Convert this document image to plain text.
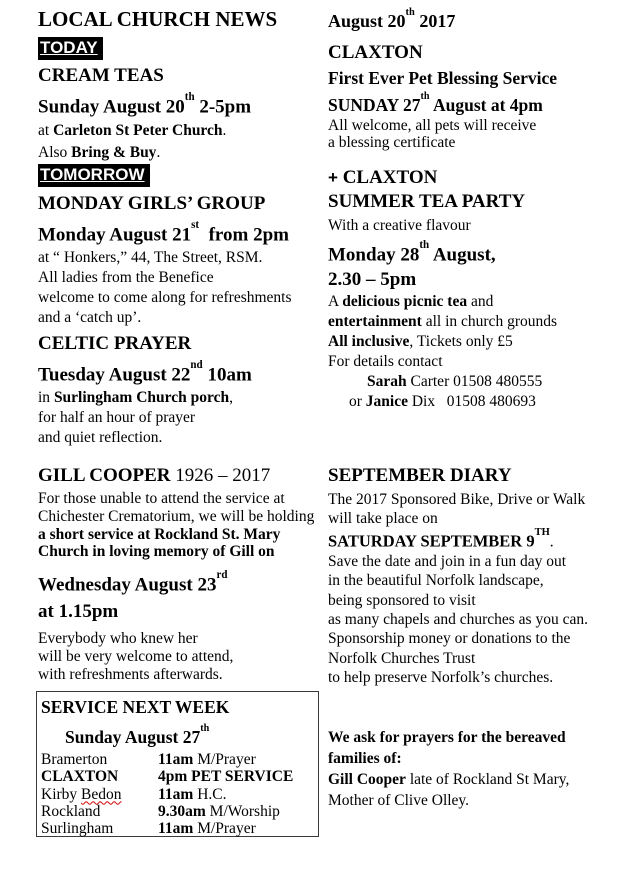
LOCAL CHURCH NEWS
TODAY
CREAM TEAS
Sunday August 20th 2-5pm
at Carleton St Peter Church.
Also Bring & Buy.
TOMORROW
MONDAY GIRLS’ GROUP
Monday August 21st  from 2pm
at “ Honkers,” 44, The Street, RSM.
All ladies from the Benefice
welcome to come along for refreshments
and a ‘catch up’.
CELTIC PRAYER
Tuesday August 22nd 10am
in Surlingham Church porch,
for half an hour of prayer
and quiet reflection.
GILL COOPER 1926 – 2017
For those unable to attend the service at
Chichester Crematorium, we will be holding
a short service at Rockland St. Mary
Church in loving memory of Gill on
Wednesday August 23rd
at 1.15pm
Everybody who knew her
will be very welcome to attend,
with refreshments afterwards.
SERVICE NEXT WEEK
Sunday August 27th
Bramerton	11am M/Prayer
CLAXTON	4pm PET SERVICE
Kirby Bedon 11am H.C.
Rockland	9.30am M/Worship
Surlingham	11am M/Prayer
August 20th 2017
CLAXTON
First Ever Pet Blessing Service
SUNDAY 27th August at 4pm
All welcome, all pets will receive
a blessing certificate
+ CLAXTON
SUMMER TEA PARTY
With a creative flavour
Monday 28th August,
2.30 – 5pm
A delicious picnic tea and
entertainment all in church grounds
All inclusive, Tickets only £5
For details contact
Sarah Carter 01508 480555
or Janice Dix   01508 480693
SEPTEMBER DIARY
The 2017 Sponsored Bike, Drive or Walk
will take place on
SATURDAY SEPTEMBER 9TH.
Save the date and join in a fun day out
in the beautiful Norfolk landscape,
being sponsored to visit
as many chapels and churches as you can.
Sponsorship money or donations to the
Norfolk Churches Trust
to help preserve Norfolk’s churches.
We ask for prayers for the bereaved
families of:
Gill Cooper late of Rockland St Mary,
Mother of Clive Olley.
